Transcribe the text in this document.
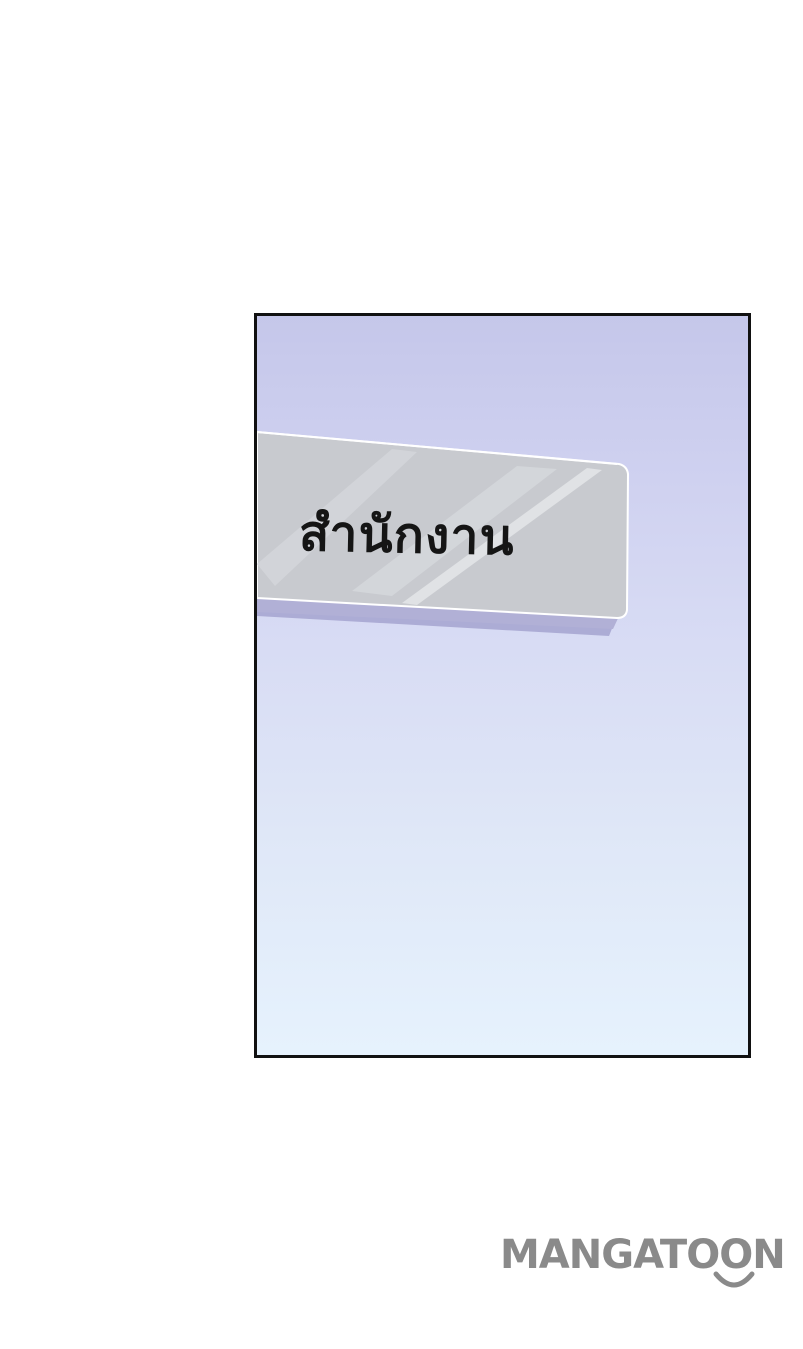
สำนักงาน
MANGATOON
